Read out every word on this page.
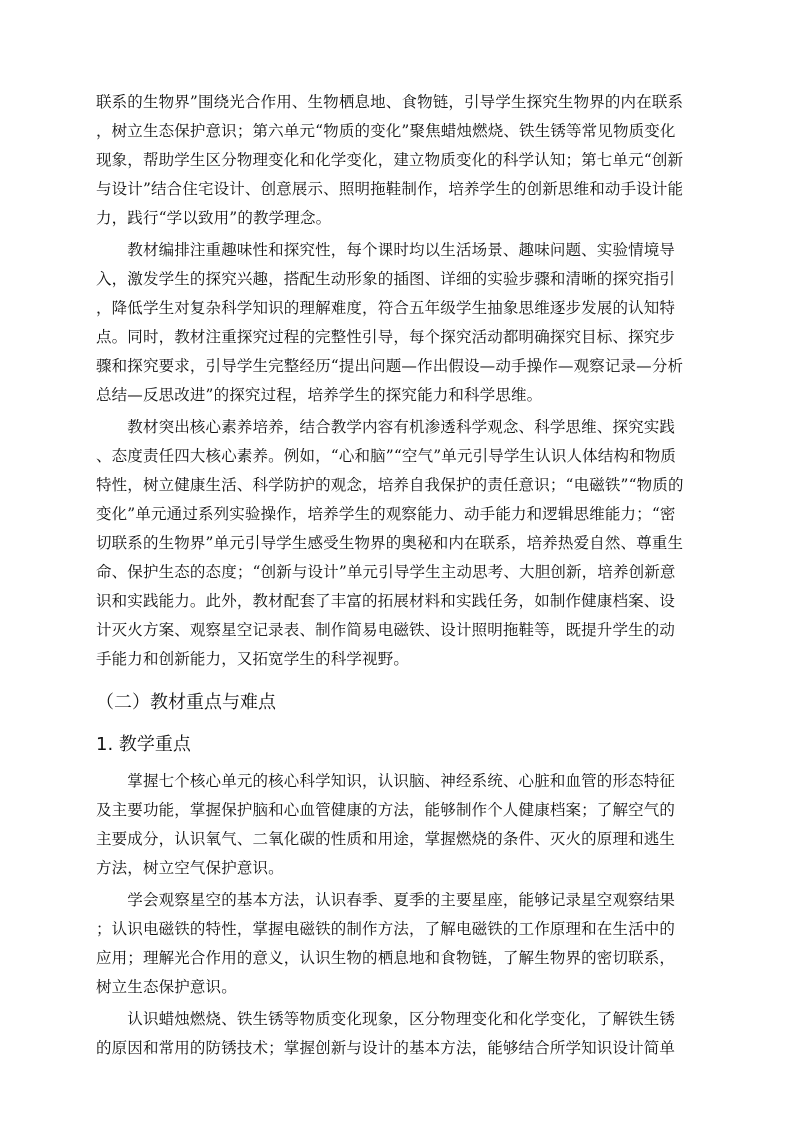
联系的生物界”围绕光合作用、生物栖息地、食物链，引导学生探究生物界的内在联系
，树立生态保护意识；第六单元“物质的变化”聚焦蜡烛燃烧、铁生锈等常见物质变化
现象，帮助学生区分物理变化和化学变化，建立物质变化的科学认知；第七单元“创新
与设计”结合住宅设计、创意展示、照明拖鞋制作，培养学生的创新思维和动手设计能
力，践行“学以致用”的教学理念。
　　教材编排注重趣味性和探究性，每个课时均以生活场景、趣味问题、实验情境导
入，激发学生的探究兴趣，搭配生动形象的插图、详细的实验步骤和清晰的探究指引
，降低学生对复杂科学知识的理解难度，符合五年级学生抽象思维逐步发展的认知特
点。同时，教材注重探究过程的完整性引导，每个探究活动都明确探究目标、探究步
骤和探究要求，引导学生完整经历“提出问题—作出假设—动手操作—观察记录—分析
总结—反思改进”的探究过程，培养学生的探究能力和科学思维。
　　教材突出核心素养培养，结合教学内容有机渗透科学观念、科学思维、探究实践
、态度责任四大核心素养。例如，“心和脑”“空气”单元引导学生认识人体结构和物质
特性，树立健康生活、科学防护的观念，培养自我保护的责任意识；“电磁铁”“物质的
变化”单元通过系列实验操作，培养学生的观察能力、动手能力和逻辑思维能力；“密
切联系的生物界”单元引导学生感受生物界的奥秘和内在联系，培养热爱自然、尊重生
命、保护生态的态度；“创新与设计”单元引导学生主动思考、大胆创新，培养创新意
识和实践能力。此外，教材配套了丰富的拓展材料和实践任务，如制作健康档案、设
计灭火方案、观察星空记录表、制作简易电磁铁、设计照明拖鞋等，既提升学生的动
手能力和创新能力，又拓宽学生的科学视野。
（二）教材重点与难点
1. 教学重点
　　掌握七个核心单元的核心科学知识，认识脑、神经系统、心脏和血管的形态特征
及主要功能，掌握保护脑和心血管健康的方法，能够制作个人健康档案；了解空气的
主要成分，认识氧气、二氧化碳的性质和用途，掌握燃烧的条件、灭火的原理和逃生
方法，树立空气保护意识。
　　学会观察星空的基本方法，认识春季、夏季的主要星座，能够记录星空观察结果
；认识电磁铁的特性，掌握电磁铁的制作方法，了解电磁铁的工作原理和在生活中的
应用；理解光合作用的意义，认识生物的栖息地和食物链，了解生物界的密切联系，
树立生态保护意识。
　　认识蜡烛燃烧、铁生锈等物质变化现象，区分物理变化和化学变化，了解铁生锈
的原因和常用的防锈技术；掌握创新与设计的基本方法，能够结合所学知识设计简单
